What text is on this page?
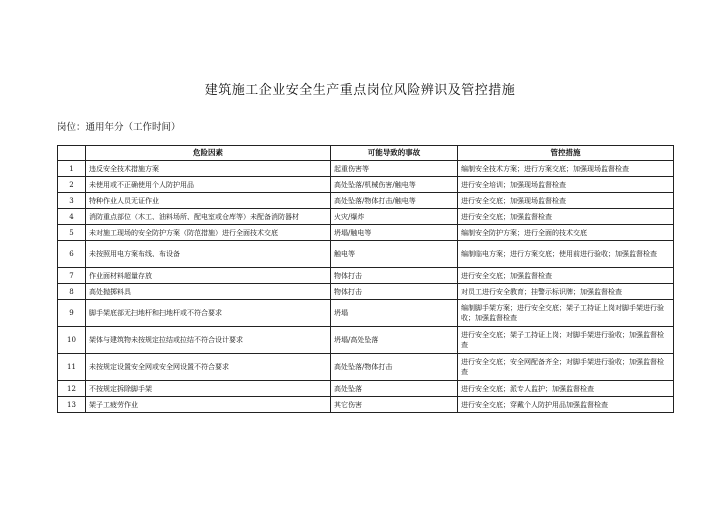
建筑施工企业安全生产重点岗位风险辨识及管控措施
岗位：通用年分（工作时间）
	危险因素	可能导致的事故	管控措施
1	违反安全技术措施方案	起重伤害等	编制安全技术方案；进行方案交底；加强现场监督检查
2	未使用或不正确使用个人防护用品	高处坠落/机械伤害/触电等	进行安全培训；加强现场监督检查
3	特种作业人员无证作业	高处坠落/物体打击/触电等	进行安全交底；加强现场监督检查
4	消防重点部位（木工、油料场所、配电室或仓库等）未配备消防器材	火灾/爆炸	进行安全交底；加强监督检查
5	未对施工现场的安全防护方案（防范措施）进行全面技术交底	坍塌/触电等	编制安全防护方案；进行全面的技术交底
6	未按照用电方案布线、布设备	触电等	编制临电方案；进行方案交底；使用前进行验收；加强监督检查
7	作业面材料超量存放	物体打击	进行安全交底；加强监督检查
8	高处抛掷料具	物体打击	对员工进行安全教育；挂警示标识牌；加强监督检查
9	脚手架底部无扫地杆和扫地杆或不符合要求	坍塌	编制脚手架方案；进行安全交底；架子工持证上岗对脚手架进行验收；加强监督检查
10	架体与建筑物未按规定拉结或拉结不符合设计要求	坍塌/高处坠落	进行安全交底；架子工持证上岗；对脚手架进行验收；加强监督检查
11	未按规定设置安全网或安全网设置不符合要求	高处坠落/物体打击	进行安全交底；安全网配备齐全；对脚手架进行验收；加强监督检查
12	不按规定拆除脚手架	高处坠落	进行安全交底；派专人监护；加强监督检查
13	架子工疲劳作业	其它伤害	进行安全交底；穿戴个人防护用品加强监督检查
